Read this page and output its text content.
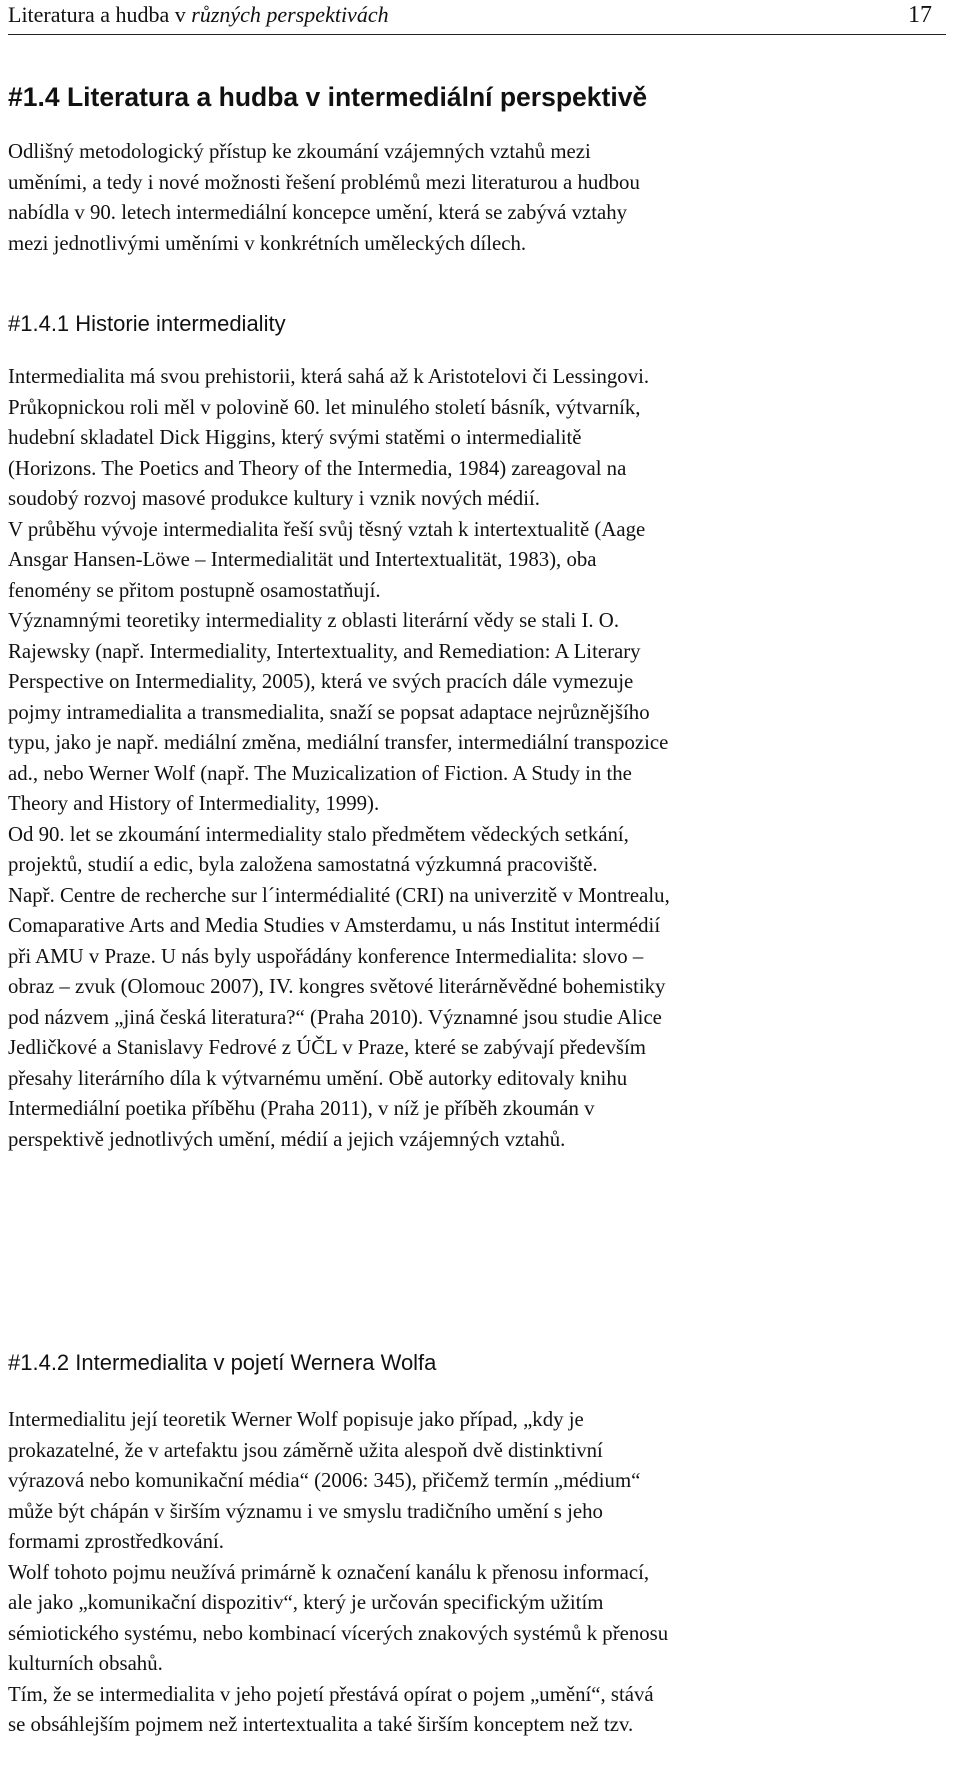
Literatura a hudba v různých perspektivách	17
#1.4 Literatura a hudba v intermediální perspektivě
Odlišný metodologický přístup ke zkoumání vzájemných vztahů mezi
uměními, a tedy i nové možnosti řešení problémů mezi literaturou a hudbou
nabídla v 90. letech intermediální koncepce umění, která se zabývá vztahy
mezi jednotlivými uměními v konkrétních uměleckých dílech.
#1.4.1 Historie intermediality
Intermedialita má svou prehistorii, která sahá až k Aristotelovi či Lessingovi.
Průkopnickou roli měl v polovině 60. let minulého století básník, výtvarník,
hudební skladatel Dick Higgins, který svými statěmi o intermedialitě
(Horizons. The Poetics and Theory of the Intermedia, 1984) zareagoval na
soudobý rozvoj masové produkce kultury i vznik nových médií.
V průběhu vývoje intermedialita řeší svůj těsný vztah k intertextualitě (Aage
Ansgar Hansen-Löwe – Intermedialität und Intertextualität, 1983), oba
fenomény se přitom postupně osamostatňují.
Významnými teoretiky intermediality z oblasti literární vědy se stali I. O.
Rajewsky (např. Intermediality, Intertextuality, and Remediation: A Literary
Perspective on Intermediality, 2005), která ve svých pracích dále vymezuje
pojmy intramedialita a transmedialita, snaží se popsat adaptace nejrůznějšího
typu, jako je např. mediální změna, mediální transfer, intermediální transpozice
ad., nebo Werner Wolf (např. The Muzicalization of Fiction. A Study in the
Theory and History of Intermediality, 1999).
Od 90. let se zkoumání intermediality stalo předmětem vědeckých setkání,
projektů, studií a edic, byla založena samostatná výzkumná pracoviště.
Např. Centre de recherche sur l´intermédialité (CRI) na univerzitě v Montrealu,
Comaparative Arts and Media Studies v Amsterdamu, u nás Institut intermédií
při AMU v Praze. U nás byly uspořádány konference Intermedialita: slovo –
obraz – zvuk (Olomouc 2007), IV. kongres světové literárněvědné bohemistiky
pod názvem „jiná česká literatura?“ (Praha 2010). Významné jsou studie Alice
Jedličkové a Stanislavy Fedrové z ÚČL v Praze, které se zabývají především
přesahy literárního díla k výtvarnému umění. Obě autorky editovaly knihu
Intermediální poetika příběhu (Praha 2011), v níž je příběh zkoumán v
perspektivě jednotlivých umění, médií a jejich vzájemných vztahů.
#1.4.2 Intermedialita v pojetí Wernera Wolfa
Intermedialitu její teoretik Werner Wolf popisuje jako případ, „kdy je
prokazatelné, že v artefaktu jsou záměrně užita alespoň dvě distinktivní
výrazová nebo komunikační média“ (2006: 345), přičemž termín „médium“
může být chápán v širším významu i ve smyslu tradičního umění s jeho
formami zprostředkování.
Wolf tohoto pojmu neužívá primárně k označení kanálu k přenosu informací,
ale jako „komunikační dispozitiv“, který je určován specifickým užitím
sémiotického systému, nebo kombinací vícerých znakových systémů k přenosu
kulturních obsahů.
Tím, že se intermedialita v jeho pojetí přestává opírat o pojem „umění“, stává
se obsáhlejším pojmem než intertextualita a také širším konceptem než tzv.
